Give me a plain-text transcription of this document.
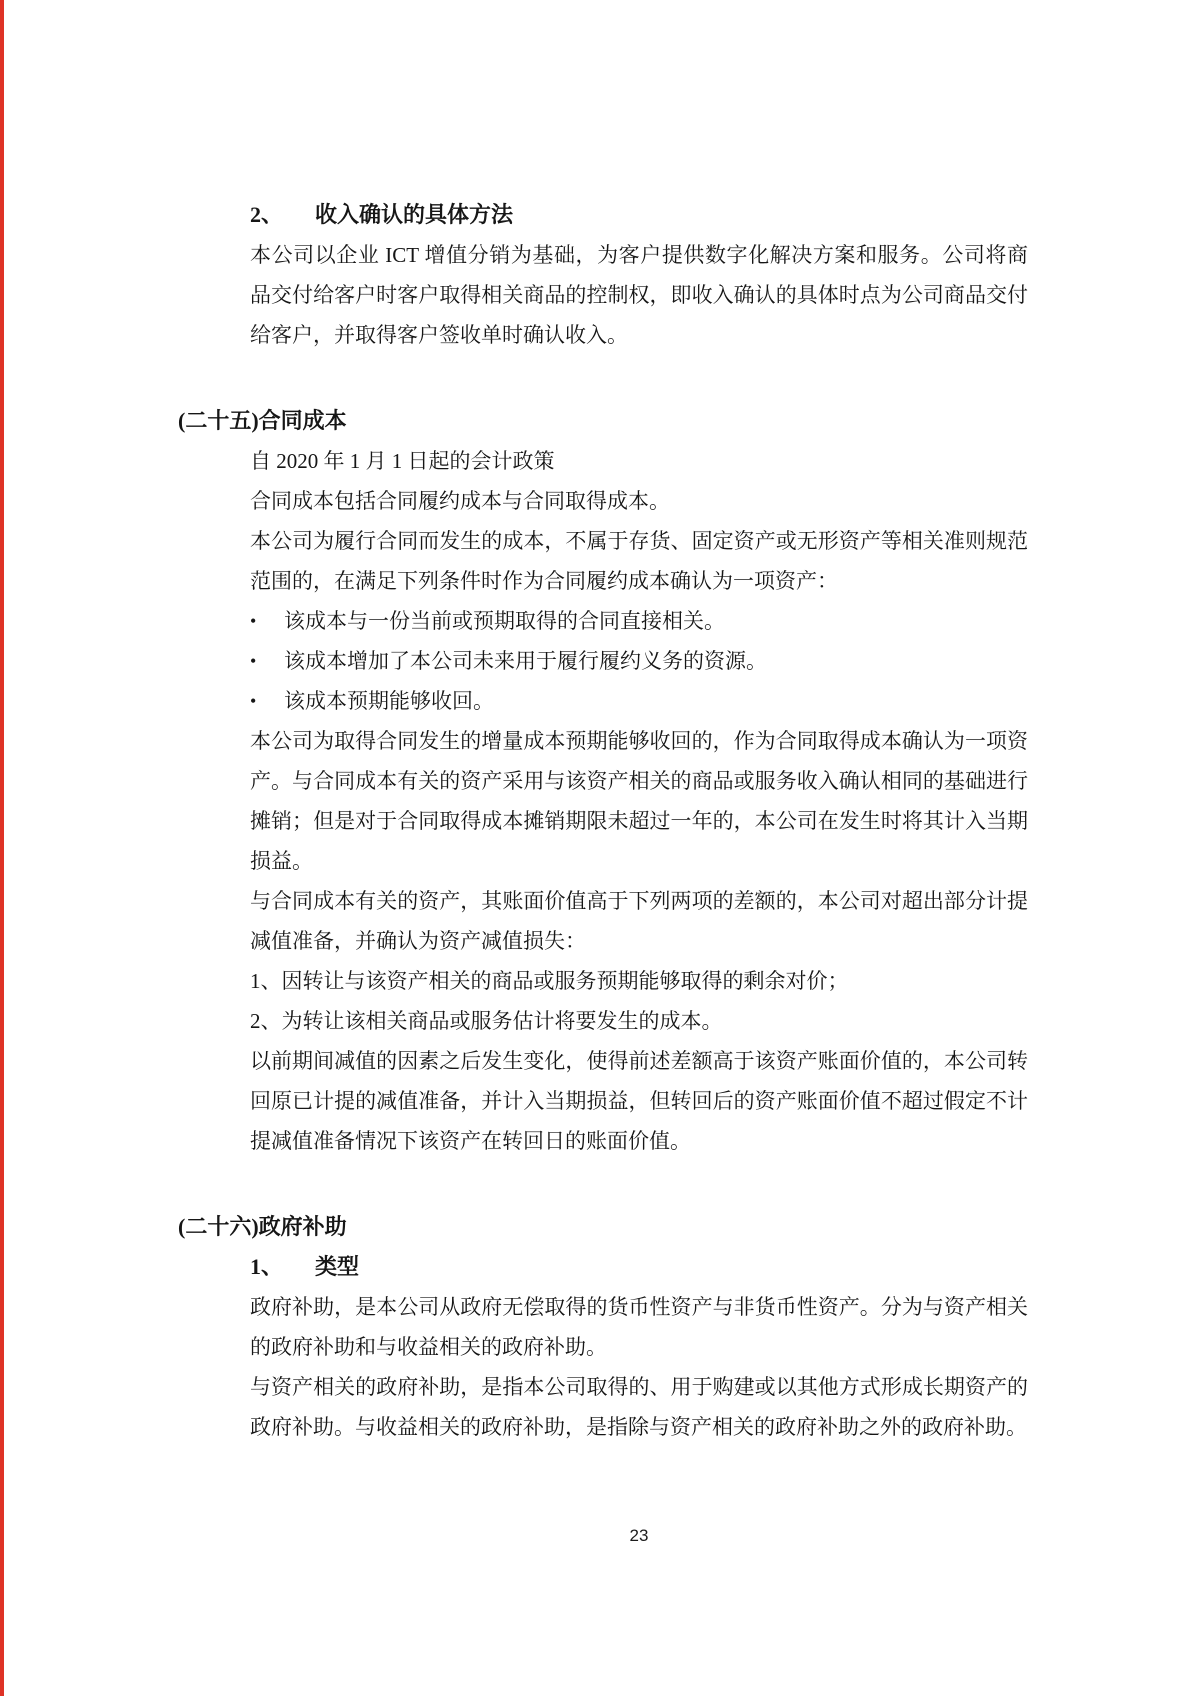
2、 收入确认的具体方法

本公司以企业 ICT 增值分销为基础，为客户提供数字化解决方案和服务。公司将商品交付给客户时客户取得相关商品的控制权，即收入确认的具体时点为公司商品交付给客户，并取得客户签收单时确认收入。

(二十五)合同成本

自 2020 年 1 月 1 日起的会计政策

合同成本包括合同履约成本与合同取得成本。

本公司为履行合同而发生的成本，不属于存货、固定资产或无形资产等相关准则规范范围的，在满足下列条件时作为合同履约成本确认为一项资产：

•	该成本与一份当前或预期取得的合同直接相关。
•	该成本增加了本公司未来用于履行履约义务的资源。
•	该成本预期能够收回。

本公司为取得合同发生的增量成本预期能够收回的，作为合同取得成本确认为一项资产。与合同成本有关的资产采用与该资产相关的商品或服务收入确认相同的基础进行摊销；但是对于合同取得成本摊销期限未超过一年的，本公司在发生时将其计入当期损益。

与合同成本有关的资产，其账面价值高于下列两项的差额的，本公司对超出部分计提减值准备，并确认为资产减值损失：

1、因转让与该资产相关的商品或服务预期能够取得的剩余对价；

2、为转让该相关商品或服务估计将要发生的成本。

以前期间减值的因素之后发生变化，使得前述差额高于该资产账面价值的，本公司转回原已计提的减值准备，并计入当期损益，但转回后的资产账面价值不超过假定不计提减值准备情况下该资产在转回日的账面价值。

(二十六)政府补助
1、 类型

政府补助，是本公司从政府无偿取得的货币性资产与非货币性资产。分为与资产相关的政府补助和与收益相关的政府补助。

与资产相关的政府补助，是指本公司取得的、用于购建或以其他方式形成长期资产的政府补助。与收益相关的政府补助，是指除与资产相关的政府补助之外的政府补助。

23
